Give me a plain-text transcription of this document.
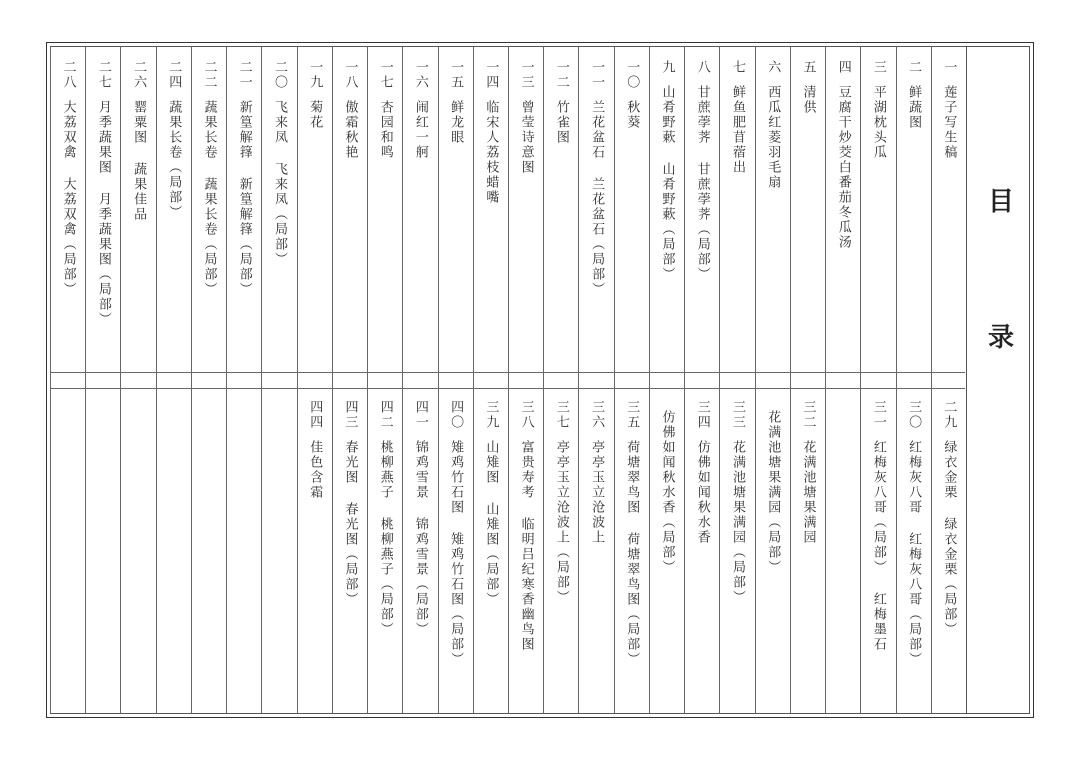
目 录
一莲子写生稿
二九绿衣金栗 绿衣金栗（局部）
二鲜蔬图
三〇红梅灰八哥 红梅灰八哥（局部）
三平湖枕头瓜
三一红梅灰八哥（局部） 红梅墨石
四豆腐干炒茭白番茄冬瓜汤
五清供
三二花满池塘果满园
六西瓜红菱羽毛扇
花满池塘果满园（局部）
七鲜鱼肥苜蓿出
三三花满池塘果满园（局部）
八甘蔗荸荠 甘蔗荸荠（局部）
三四仿佛如闻秋水香
九山肴野蔌 山肴野蔌（局部）
仿佛如闻秋水香（局部）
一〇秋葵
三五荷塘翠鸟图 荷塘翠鸟图（局部）
一一兰花盆石 兰花盆石（局部）
三六亭亭玉立沧波上
一二竹雀图
三七亭亭玉立沧波上（局部）
一三曾莹诗意图
三八富贵寿考 临明吕纪寒香幽鸟图
一四临宋人荔枝蜡嘴
三九山雉图 山雉图（局部）
一五鲜龙眼
四〇雉鸡竹石图 雉鸡竹石图（局部）
一六闹红一舸
四一锦鸡雪景 锦鸡雪景（局部）
一七杏园和鸣
四二桃柳燕子 桃柳燕子（局部）
一八傲霜秋艳
四三春光图 春光图（局部）
一九菊花
四四佳色含霜
二〇飞来凤 飞来凤（局部）
二一新篁解箨 新篁解箨（局部）
二二蔬果长卷 蔬果长卷（局部）
二四蔬果长卷（局部）
二六罂粟图 蔬果佳品
二七月季蔬果图 月季蔬果图（局部）
二八大荔双禽 大荔双禽（局部）
